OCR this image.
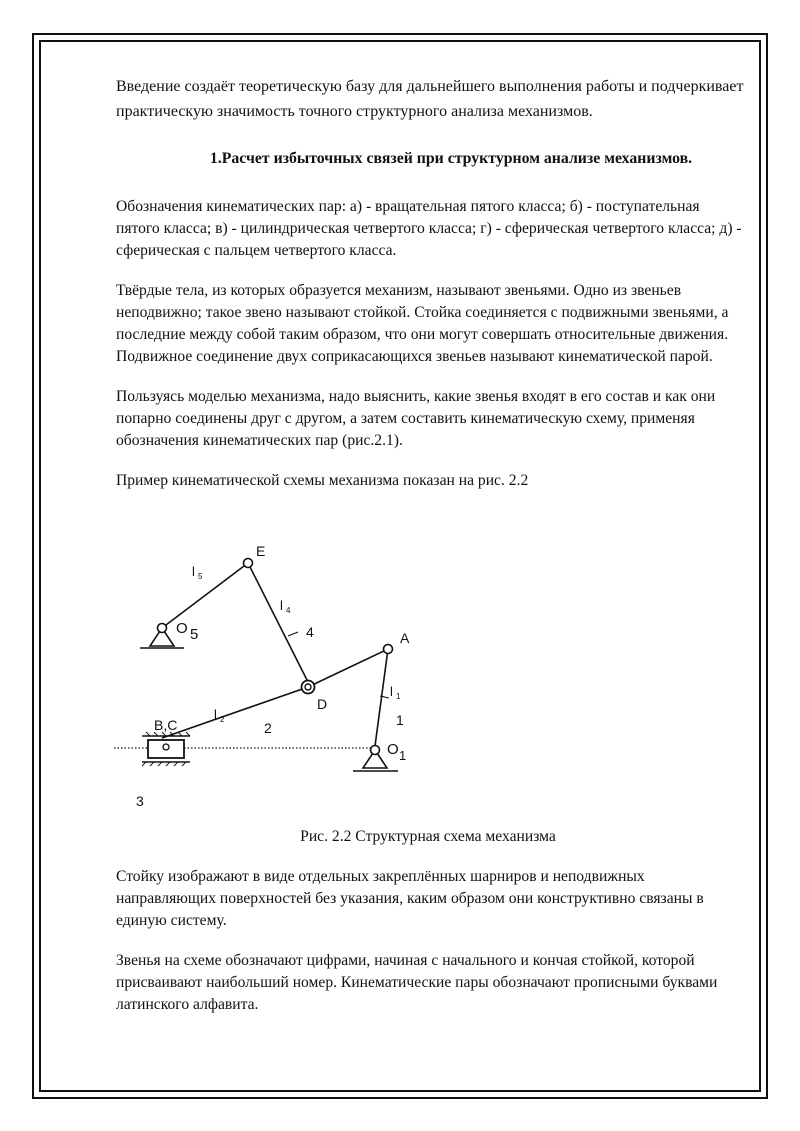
Введение создаёт теоретическую базу для дальнейшего выполнения работы и подчеркивает практическую значимость точного структурного анализа механизмов.

1.Расчет избыточных связей при структурном анализе механизмов.

Обозначения кинематических пар: а) - вращательная пятого класса; б) - поступательная пятого класса; в) - цилиндрическая четвертого класса; г) - сферическая четвертого класса; д) - сферическая с пальцем четвертого класса.

Твёрдые тела, из которых образуется механизм, называют звеньями. Одно из звеньев неподвижно; такое звено называют стойкой. Стойка соединяется с подвижными звеньями, а последние между собой таким образом, что они могут совершать относительные движения. Подвижное соединение двух соприкасающихся звеньев называют кинематической парой.

Пользуясь моделью механизма, надо выяснить, какие звенья входят в его состав и как они попарно соединены друг с другом, а затем составить кинематическую схему, применяя обозначения кинематических пар (рис.2.1).

Пример кинематической схемы механизма показан на рис. 2.2

E
A
D
B,C
O 5
O 1
l 5
l 4
l 2
l 1
4
2	1
3

Рис. 2.2 Структурная схема механизма

Стойку изображают в виде отдельных закреплённых шарниров и неподвижных направляющих поверхностей без указания, каким образом они конструктивно связаны в единую систему.

Звенья на схеме обозначают цифрами, начиная с начального и кончая стойкой, которой присваивают наибольший номер. Кинематические пары обозначают прописными буквами латинского алфавита.
